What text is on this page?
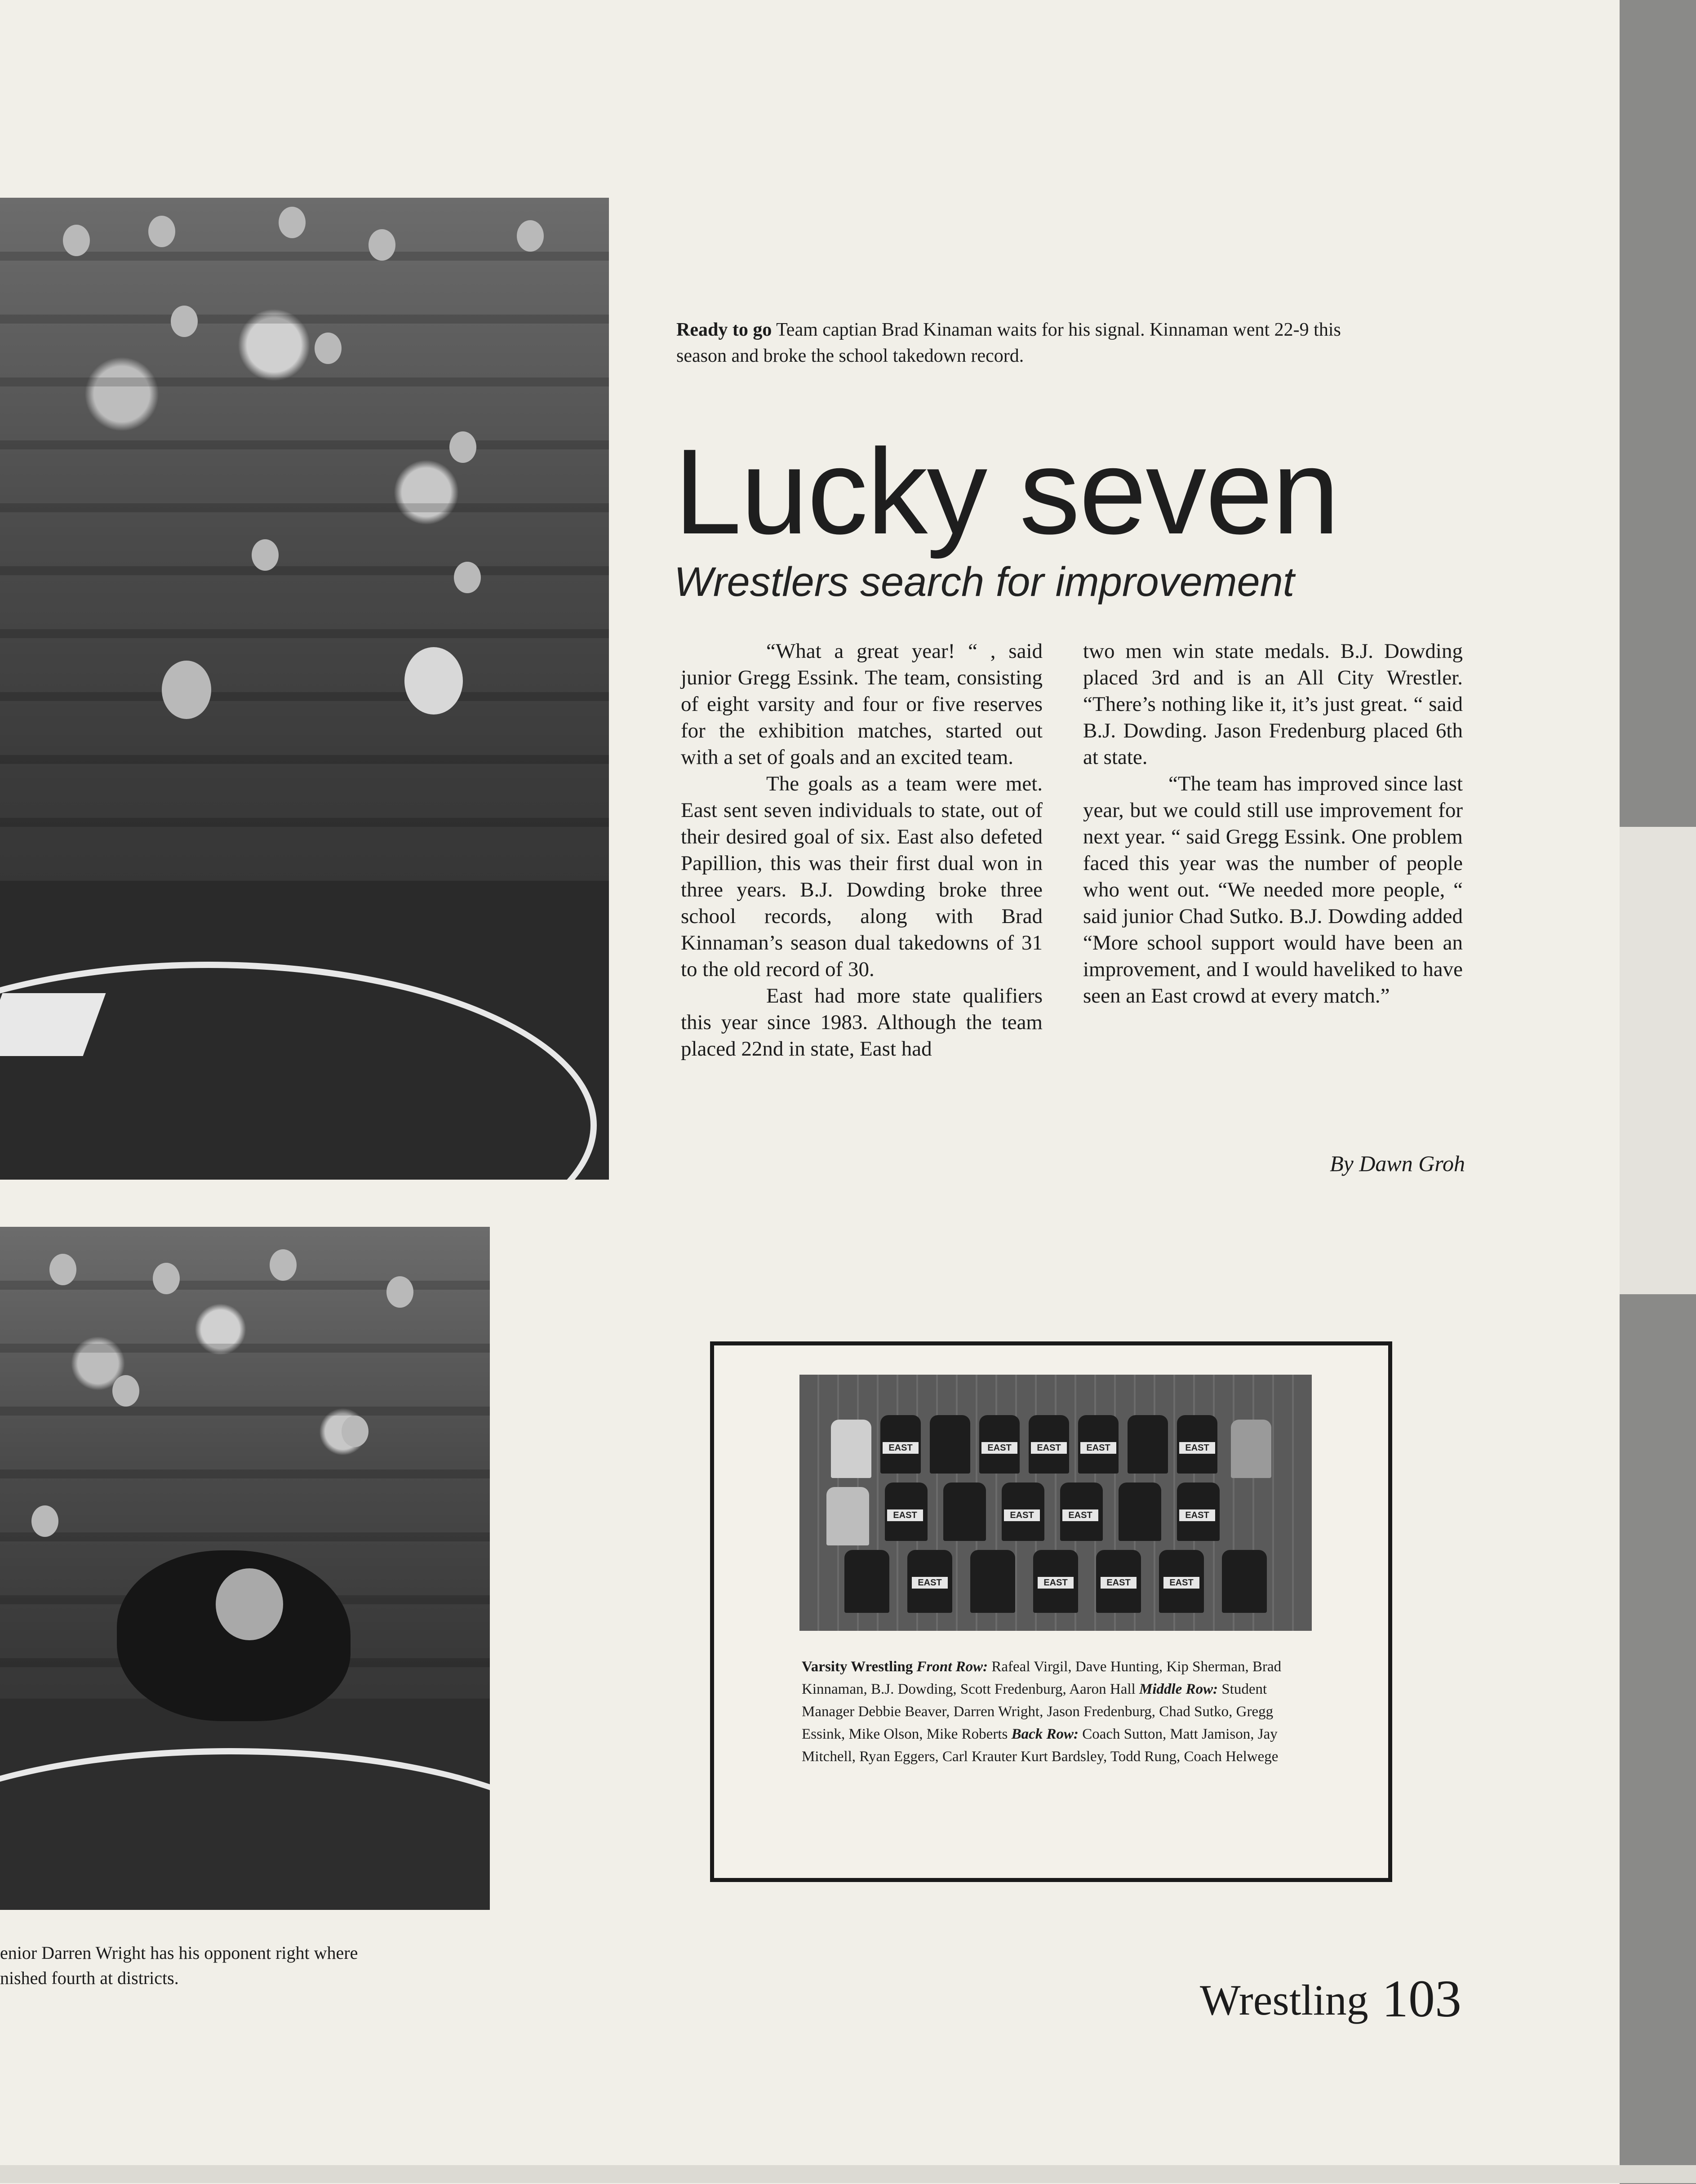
Ready to go Team captian Brad Kinaman waits for his signal. Kinnaman went 22-9 this season and broke the school takedown record.
Lucky seven
Wrestlers search for improvement

“What a great year! “ , said junior Gregg Essink. The team, consisting of eight varsity and four or five reserves for the exhibition matches, started out with a set of goals and an excited team.

The goals as a team were met. East sent seven individuals to state, out of their desired goal of six. East also defeted Papillion, this was their first dual won in three years. B.J. Dowding broke three school records, along with Brad Kinnaman’s season dual takedowns of 31 to the old record of 30.

East had more state qualifiers this year since 1983. Although the team placed 22nd in state, East had

two men win state medals. B.J. Dowding placed 3rd and is an All City Wrestler. “There’s nothing like it, it’s just great. “ said B.J. Dowding. Jason Fredenburg placed 6th at state.

“The team has improved since last year, but we could still use improvement for next year. “ said Gregg Essink. One problem faced this year was the number of people who went out. “We needed more people, “ said junior Chad Sutko. B.J. Dowding added “More school support would have been an improvement, and I would haveliked to have seen an East crowd at every match.”

By Dawn Groh
enior Darren Wright has his opponent right where
nished fourth at districts.
EAST	EAST	EAST	EAST	EAST
EAST	EAST	EAST	EAST
EAST	EAST	EAST	EAST
Varsity Wrestling Front Row: Rafeal Virgil, Dave Hunting, Kip Sherman, Brad Kinnaman, B.J. Dowding, Scott Fredenburg, Aaron Hall Middle Row: Student Manager Debbie Beaver, Darren Wright, Jason Fredenburg, Chad Sutko, Gregg Essink, Mike Olson, Mike Roberts Back Row: Coach Sutton, Matt Jamison, Jay Mitchell, Ryan Eggers, Carl Krauter Kurt Bardsley, Todd Rung, Coach Helwege
Wrestling 103
